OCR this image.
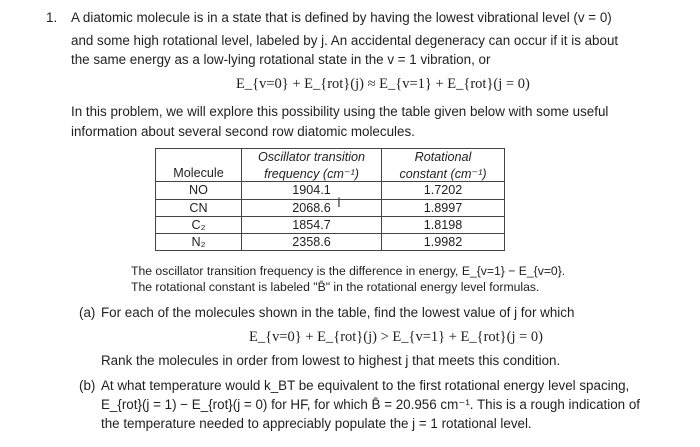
1. A diatomic molecule is in a state that is defined by having the lowest vibrational level (v = 0)
and some high rotational level, labeled by j. An accidental degeneracy can occur if it is about
the same energy as a low-lying rotational state in the v = 1 vibration, or
E_{v=0} + E_{rot}(j) ≈ E_{v=1} + E_{rot}(j = 0)
In this problem, we will explore this possibility using the table given below with some useful
information about several second row diatomic molecules.
	Oscillator transition	Rotational
Molecule	frequency (cm⁻¹)	constant (cm⁻¹)
NO	1904.1	1.7202
CN	2068.6	1.8997
C₂	1854.7	1.8198
N₂	2358.6	1.9982
I
The oscillator transition frequency is the difference in energy, E_{v=1} − E_{v=0}.
The rotational constant is labeled "B̄" in the rotational energy level formulas.
(a) For each of the molecules shown in the table, find the lowest value of j for which
E_{v=0} + E_{rot}(j) > E_{v=1} + E_{rot}(j = 0)
Rank the molecules in order from lowest to highest j that meets this condition.
(b) At what temperature would k_BT be equivalent to the first rotational energy level spacing,
E_{rot}(j = 1) − E_{rot}(j = 0) for HF, for which B̄ = 20.956 cm⁻¹. This is a rough indication of
the temperature needed to appreciably populate the j = 1 rotational level.
